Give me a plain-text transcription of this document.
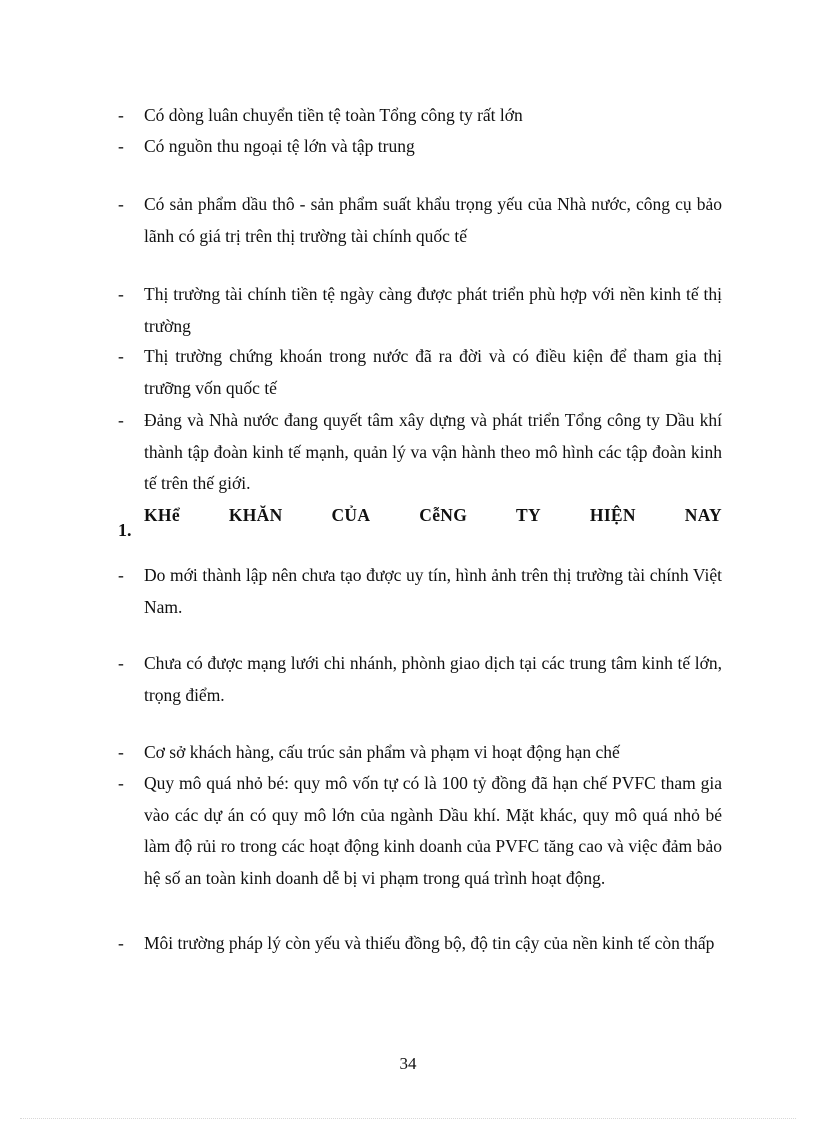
- Có dòng luân chuyển tiền tệ toàn Tổng công ty rất lớn
- Có nguồn thu ngoại tệ lớn và tập trung
- Có sản phẩm dầu thô - sản phẩm suất khẩu trọng yếu của Nhà nước, công cụ bảo lãnh có giá trị trên thị trường tài chính quốc tế
- Thị trường tài chính tiền tệ ngày càng được phát triển phù hợp với nền kinh tế thị trường
- Thị trường chứng khoán trong nước đã ra đời và có điều kiện để tham gia thị trưỡng vốn quốc tế
- Đảng và Nhà nước đang quyết tâm xây dựng và phát triển Tổng công ty Dầu khí thành tập đoàn kinh tế mạnh, quản lý va vận hành theo mô hình các tập đoàn kinh tế trên thế giới.
1.
KHể	KHĂN	CỦA	CễNG	TY	HIỆN	NAY
- Do mới thành lập nên chưa tạo được uy tín, hình ảnh trên thị trường tài chính Việt Nam.
- Chưa có được mạng lưới chi nhánh, phònh giao dịch tại các trung tâm kinh tế lớn, trọng điểm.
- Cơ sở khách hàng, cấu trúc sản phẩm và phạm vi hoạt động hạn chế
- Quy mô quá nhỏ bé: quy mô vốn tự có là 100 tỷ đồng đã hạn chế PVFC tham gia vào các dự án có quy mô lớn của ngành Dầu khí. Mặt khác, quy mô quá nhỏ bé làm độ rủi ro trong các hoạt động kinh doanh của PVFC tăng cao và việc đảm bảo hệ số an toàn kinh doanh dễ bị vi phạm trong quá trình hoạt động.
- Môi trường pháp lý còn yếu và thiếu đồng bộ, độ tin cậy của nền kinh tế còn thấp
34
